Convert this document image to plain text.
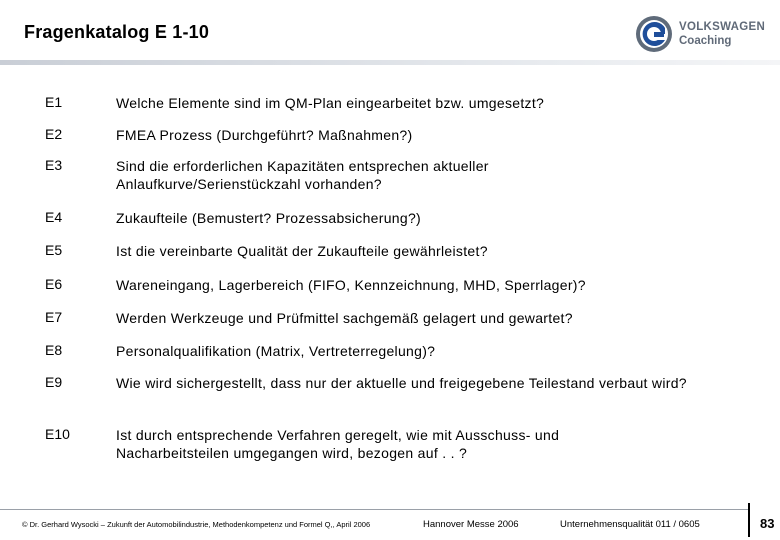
Fragenkatalog E 1-10	VOLKSWAGEN
Coaching
E1	Welche Elemente sind im QM-Plan eingearbeitet bzw. umgesetzt?
E2	FMEA Prozess (Durchgeführt? Maßnahmen?)
E3	Sind die erforderlichen Kapazitäten entsprechen aktueller Anlaufkurve/Serienstückzahl vorhanden?
E4	Zukaufteile (Bemustert? Prozessabsicherung?)
E5	Ist die vereinbarte Qualität der Zukaufteile gewährleistet?
E6	Wareneingang, Lagerbereich (FIFO, Kennzeichnung, MHD, Sperrlager)?
E7	Werden Werkzeuge und Prüfmittel sachgemäß gelagert und gewartet?
E8	Personalqualifikation (Matrix, Vertreterregelung)?
E9	Wie wird sichergestellt, dass nur der aktuelle und freigegebene Teilestand verbaut wird?
E10	Ist durch entsprechende Verfahren geregelt, wie mit Ausschuss- und Nacharbeitsteilen umgegangen wird, bezogen auf . . ?
© Dr. Gerhard Wysocki – Zukunft der Automobilindustrie, Methodenkompetenz und Formel Q,, April 2006	Hannover Messe 2006	Unternehmensqualität 011 / 0605	83
